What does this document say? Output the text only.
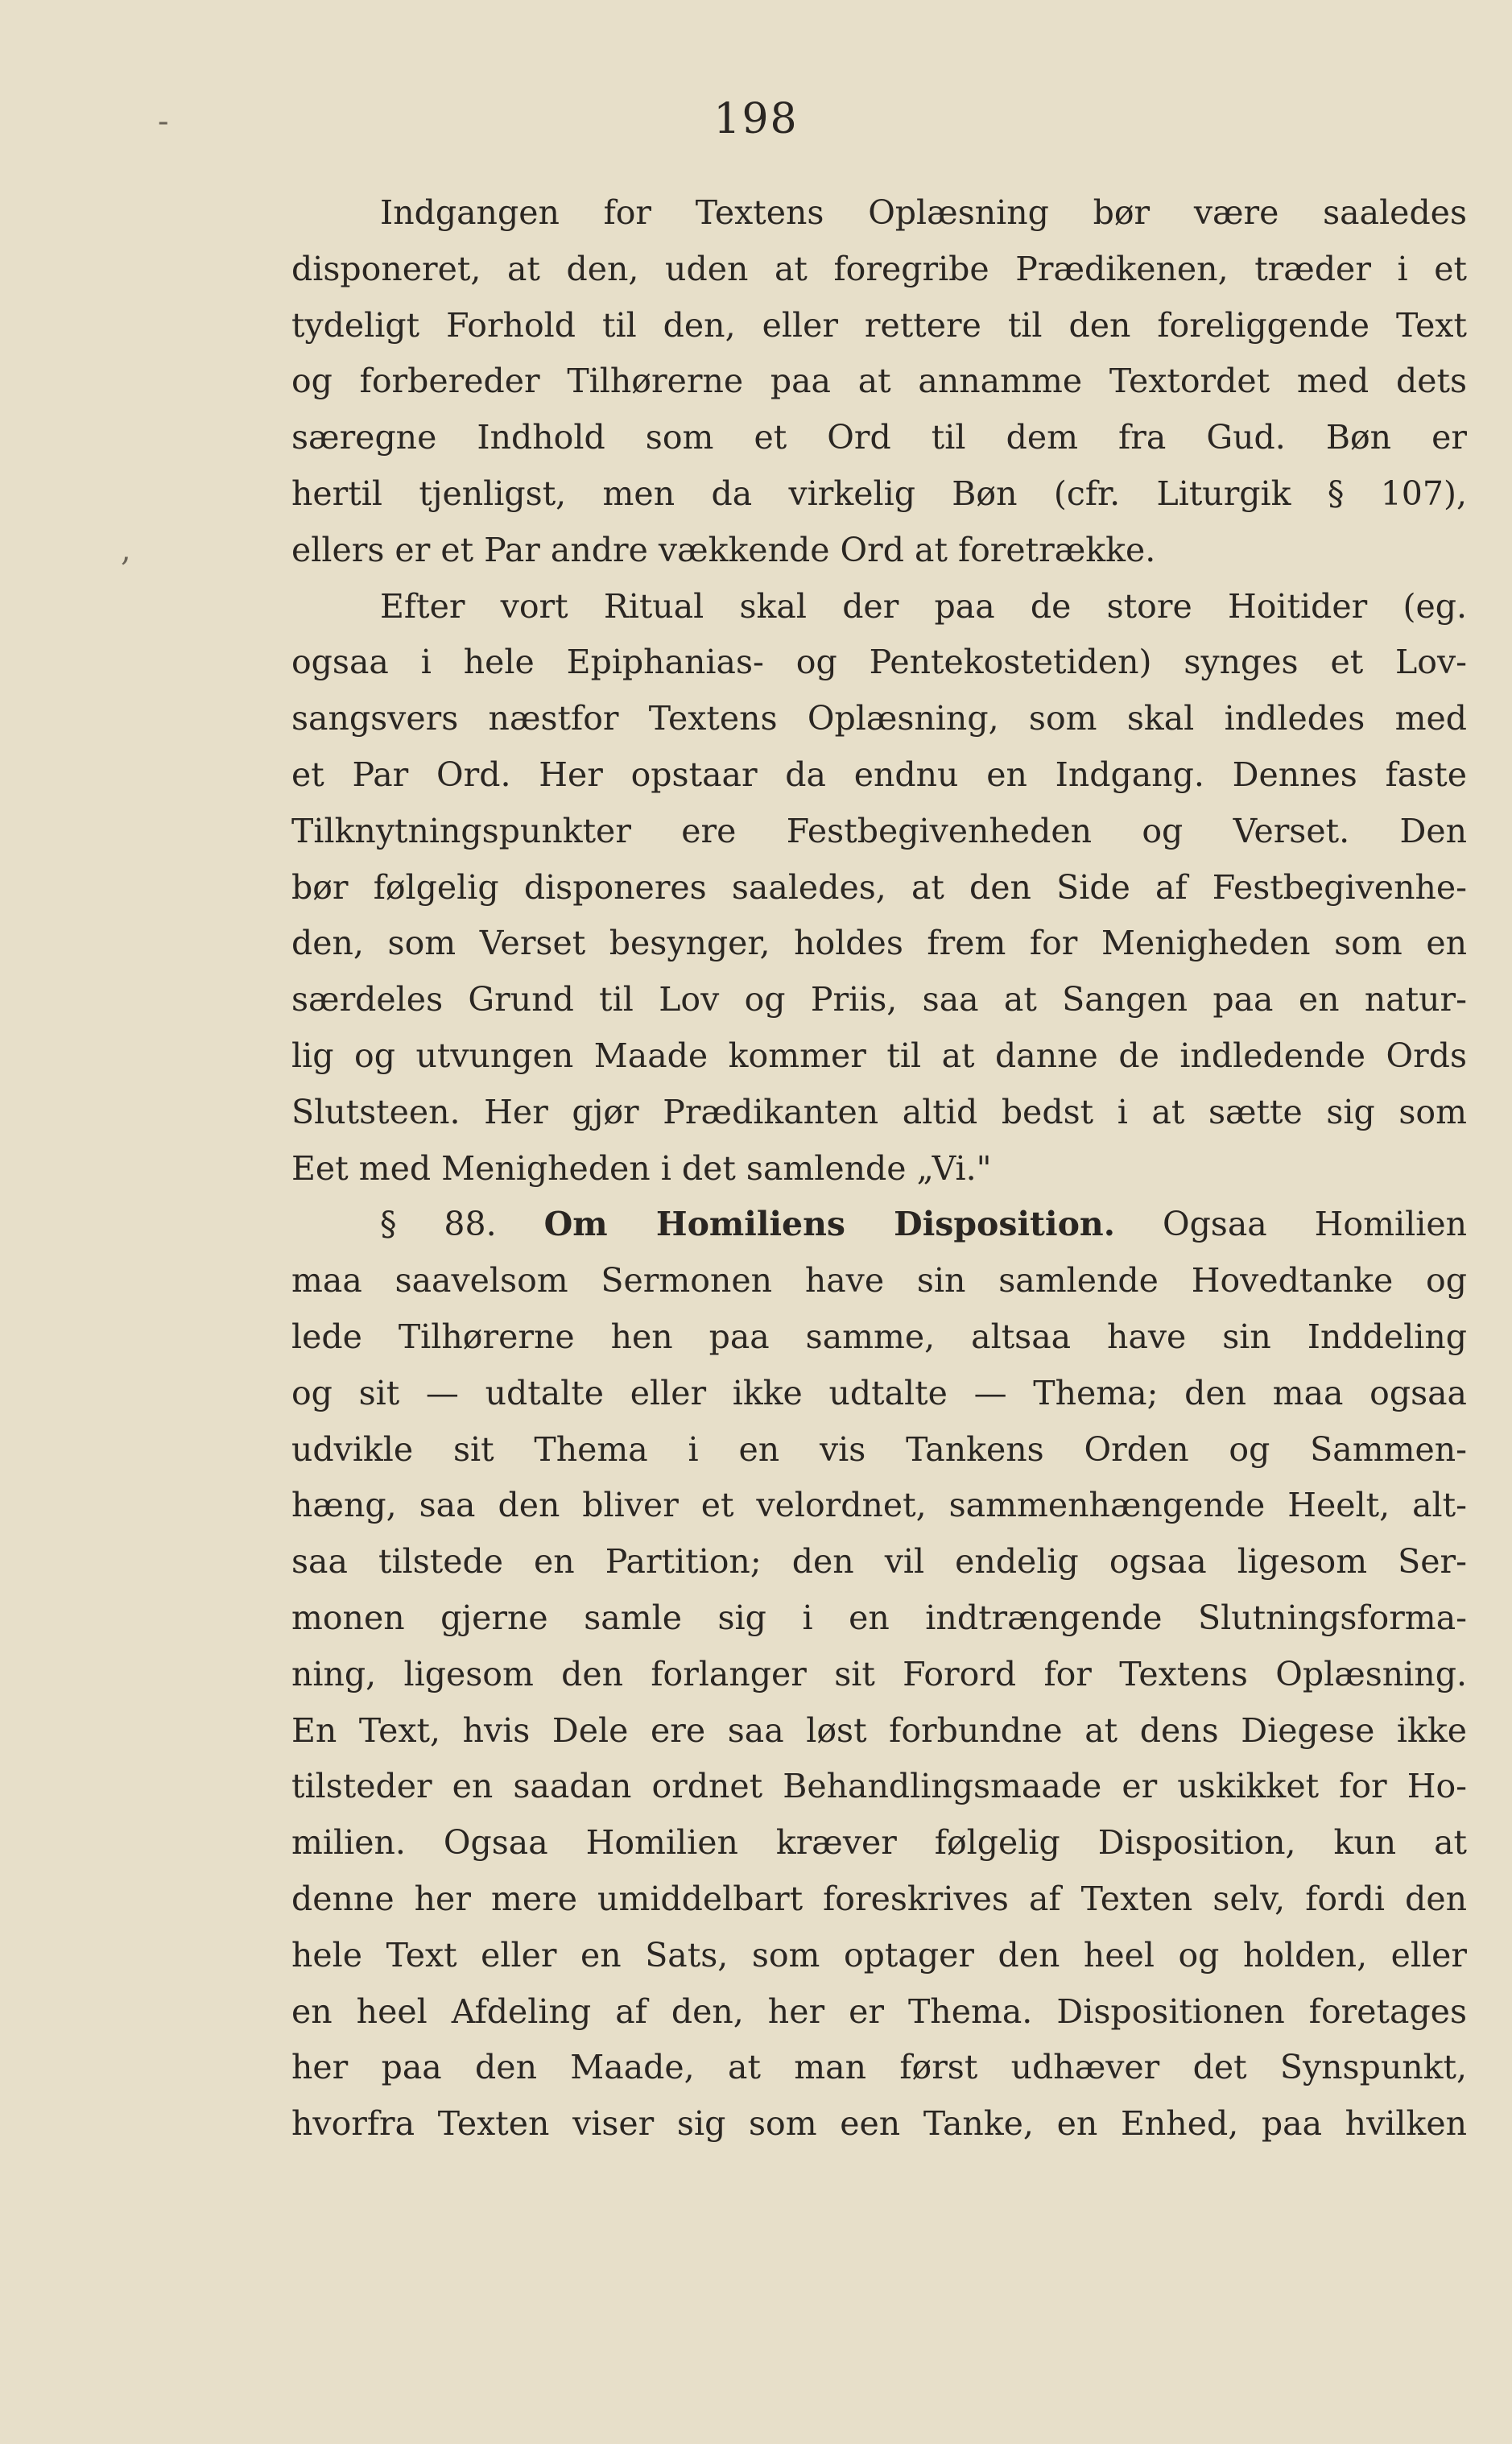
198
-
,
Indgangen for Textens Oplæsning bør være saaledes
disponeret, at den, uden at foregribe Prædikenen, træder i et
tydeligt Forhold til den, eller rettere til den foreliggende Text
og forbereder Tilhørerne paa at annamme Textordet med dets
særegne Indhold som et Ord til dem fra Gud. Bøn er
hertil tjenligst, men da virkelig Bøn (cfr. Liturgik § 107),
ellers er et Par andre vækkende Ord at foretrække.
Efter vort Ritual skal der paa de store Hoitider (eg.
ogsaa i hele Epiphanias- og Pentekostetiden) synges et Lov-
sangsvers næstfor Textens Oplæsning, som skal indledes med
et Par Ord. Her opstaar da endnu en Indgang. Dennes faste
Tilknytningspunkter ere Festbegivenheden og Verset. Den
bør følgelig disponeres saaledes, at den Side af Festbegivenhe-
den, som Verset besynger, holdes frem for Menigheden som en
særdeles Grund til Lov og Priis, saa at Sangen paa en natur-
lig og utvungen Maade kommer til at danne de indledende Ords
Slutsteen. Her gjør Prædikanten altid bedst i at sætte sig som
Eet med Menigheden i det samlende „Vi."
§ 88. Om Homiliens Disposition. Ogsaa Homilien
maa saavelsom Sermonen have sin samlende Hovedtanke og
lede Tilhørerne hen paa samme, altsaa have sin Inddeling
og sit — udtalte eller ikke udtalte — Thema; den maa ogsaa
udvikle sit Thema i en vis Tankens Orden og Sammen-
hæng, saa den bliver et velordnet, sammenhængende Heelt, alt-
saa tilstede en Partition; den vil endelig ogsaa ligesom Ser-
monen gjerne samle sig i en indtrængende Slutningsforma-
ning, ligesom den forlanger sit Forord for Textens Oplæsning.
En Text, hvis Dele ere saa løst forbundne at dens Diegese ikke
tilsteder en saadan ordnet Behandlingsmaade er uskikket for Ho-
milien. Ogsaa Homilien kræver følgelig Disposition, kun at
denne her mere umiddelbart foreskrives af Texten selv, fordi den
hele Text eller en Sats, som optager den heel og holden, eller
en heel Afdeling af den, her er Thema. Dispositionen foretages
her paa den Maade, at man først udhæver det Synspunkt,
hvorfra Texten viser sig som een Tanke, en Enhed, paa hvilken
